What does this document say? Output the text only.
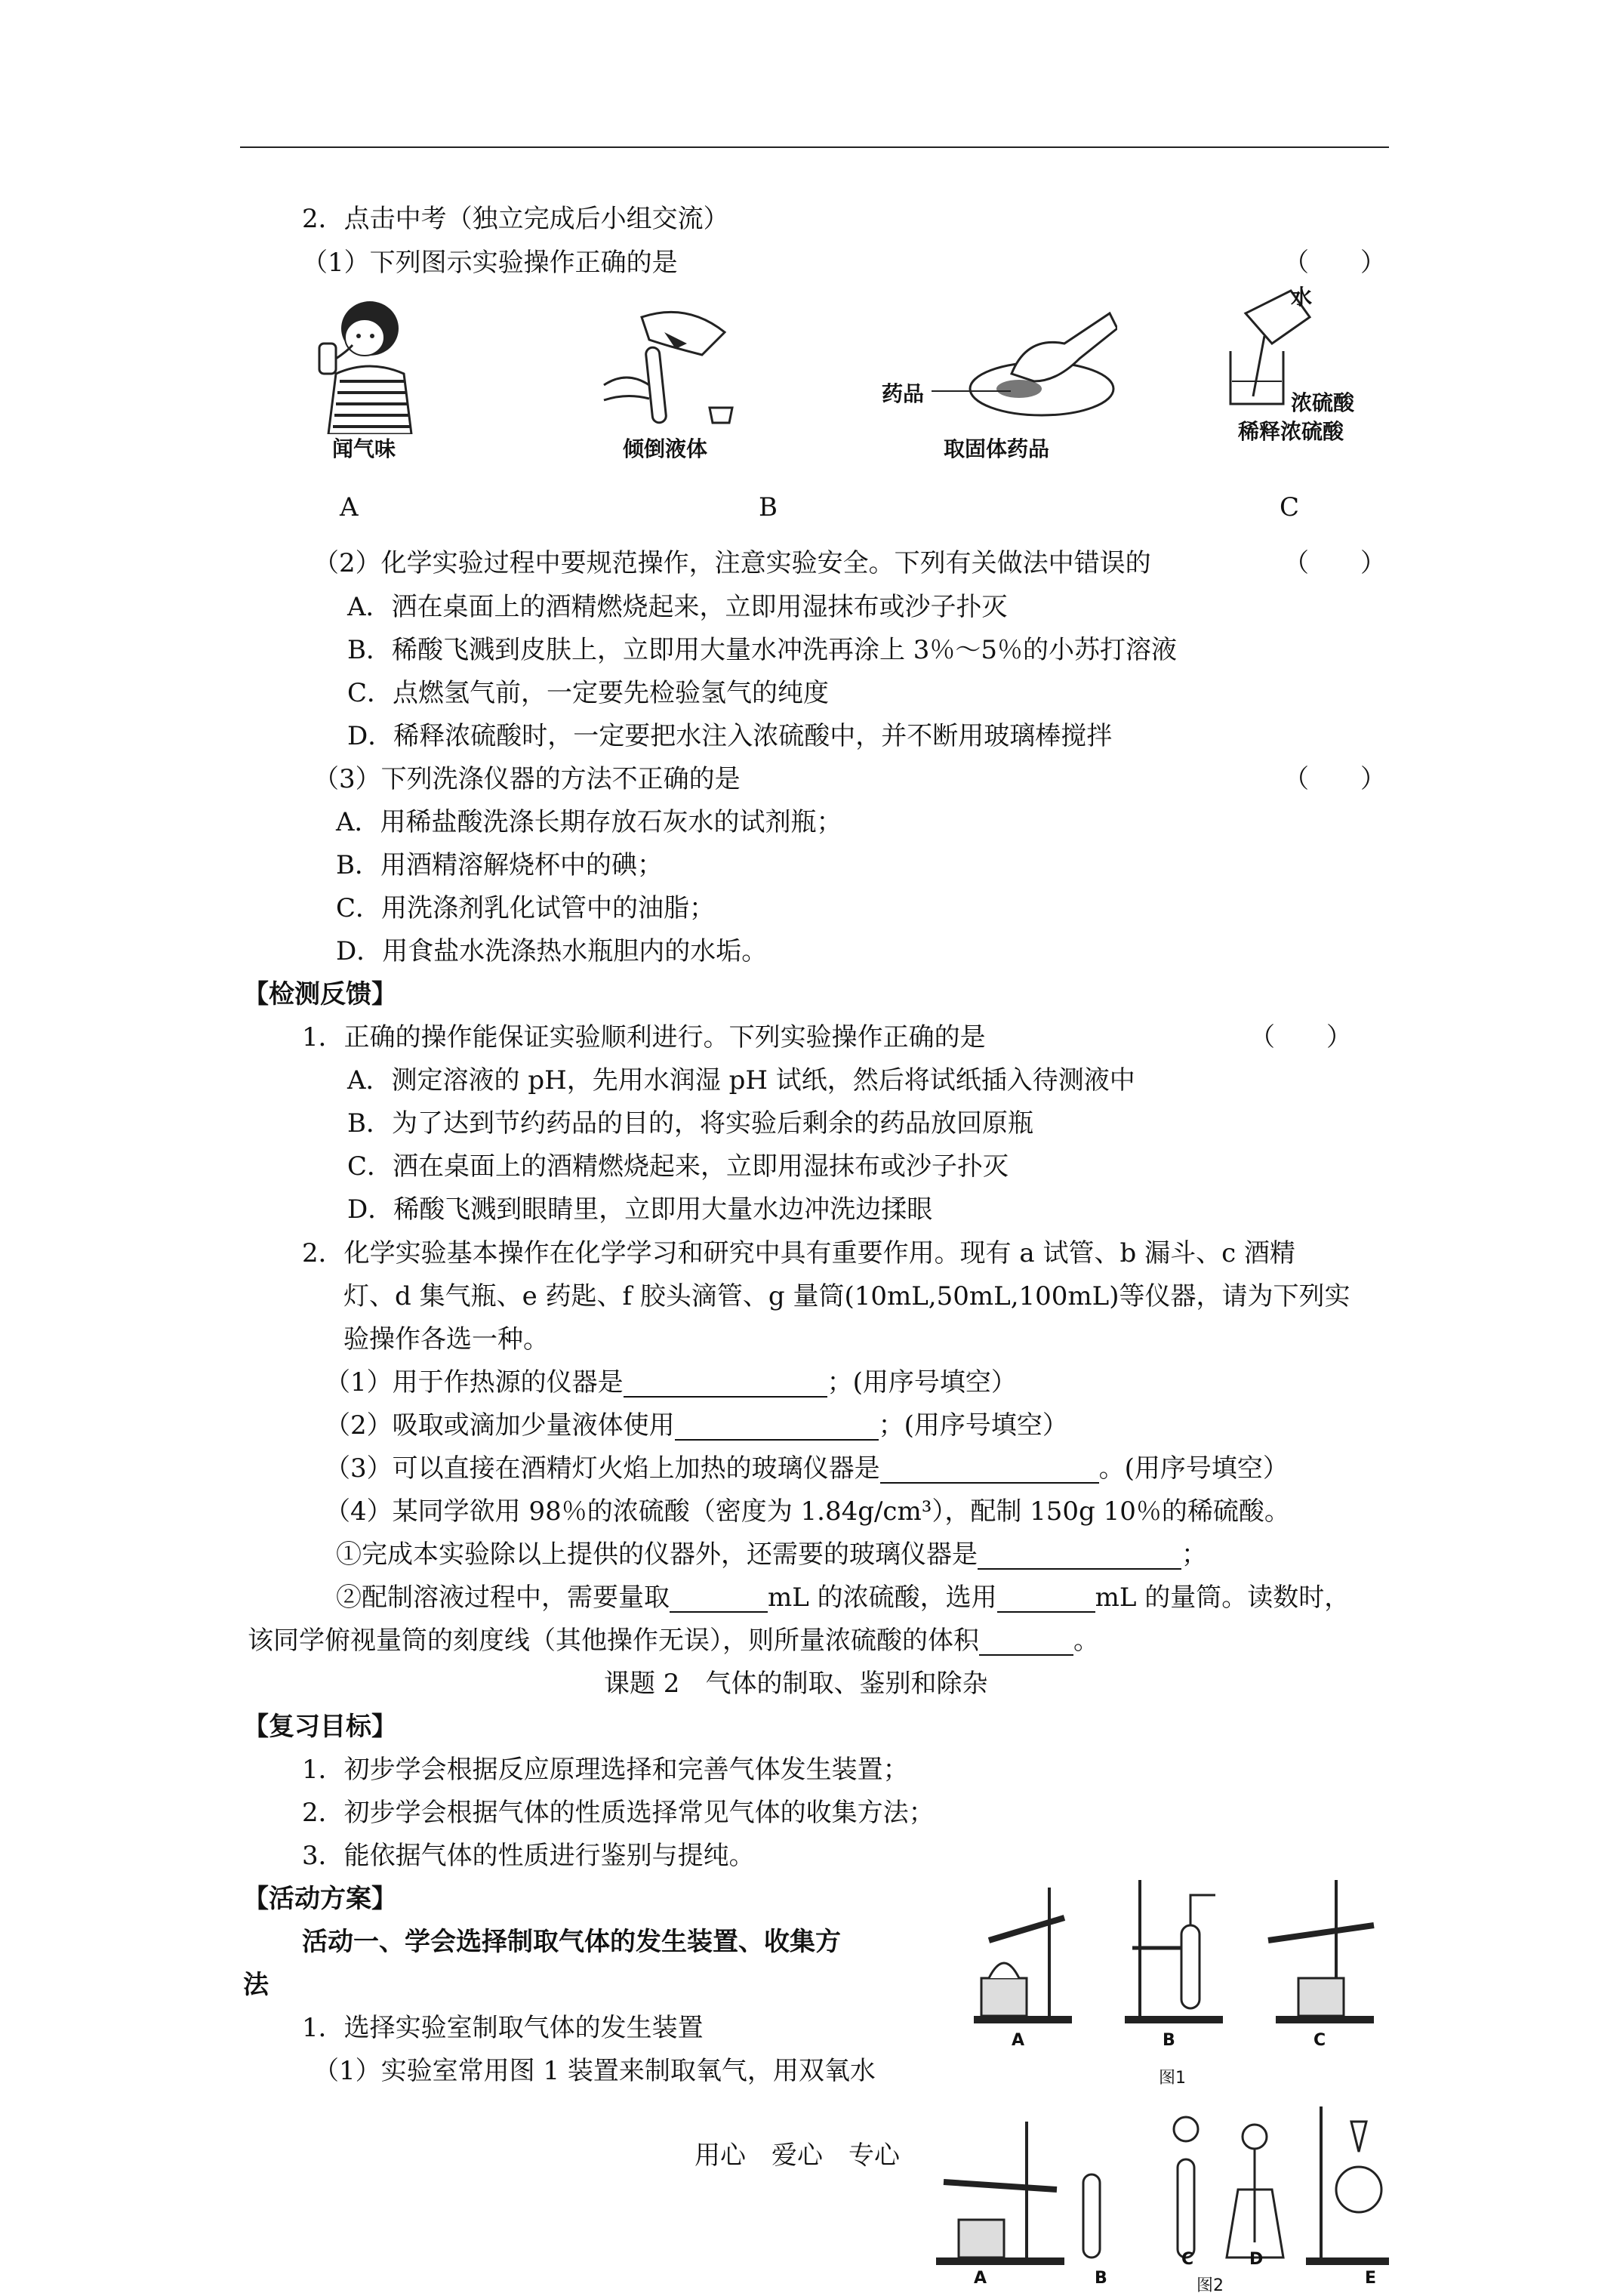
2．点击中考（独立完成后小组交流）
（1）下列图示实验操作正确的是	（　　）
闻气味	倾倒液体
药品
取固体药品
水
浓硫酸
稀释浓硫酸
A	B	C
（2）化学实验过程中要规范操作，注意实验安全。下列有关做法中错误的	（　　）
A．洒在桌面上的酒精燃烧起来，立即用湿抹布或沙子扑灭
B．稀酸飞溅到皮肤上，立即用大量水冲洗再涂上 3％～5％的小苏打溶液
C．点燃氢气前，一定要先检验氢气的纯度
D．稀释浓硫酸时，一定要把水注入浓硫酸中，并不断用玻璃棒搅拌
（3）下列洗涤仪器的方法不正确的是	（　　）
A．用稀盐酸洗涤长期存放石灰水的试剂瓶；
B．用酒精溶解烧杯中的碘；
C．用洗涤剂乳化试管中的油脂；
D．用食盐水洗涤热水瓶胆内的水垢。
【检测反馈】
1．正确的操作能保证实验顺利进行。下列实验操作正确的是	（　　）
A．测定溶液的 pH，先用水润湿 pH 试纸，然后将试纸插入待测液中
B．为了达到节约药品的目的，将实验后剩余的药品放回原瓶
C．洒在桌面上的酒精燃烧起来，立即用湿抹布或沙子扑灭
D．稀酸飞溅到眼睛里，立即用大量水边冲洗边揉眼
2．化学实验基本操作在化学学习和研究中具有重要作用。现有 a 试管、b 漏斗、c 酒精
灯、d 集气瓶、e 药匙、f 胶头滴管、g 量筒(10mL,50mL,100mL)等仪器，请为下列实
验操作各选一种。
（1）用于作热源的仪器是	；(用序号填空）
（2）吸取或滴加少量液体使用	；(用序号填空）
（3）可以直接在酒精灯火焰上加热的玻璃仪器是	。(用序号填空）
（4）某同学欲用 98％的浓硫酸（密度为 1.84g/cm³），配制 150g 10％的稀硫酸。
①完成本实验除以上提供的仪器外，还需要的玻璃仪器是	；
②配制溶液过程中，需要量取	mL 的浓硫酸，选用	mL 的量筒。读数时，
该同学俯视量筒的刻度线（其他操作无误），则所量浓硫酸的体积	。
课题 2　气体的制取、鉴别和除杂
【复习目标】
1．初步学会根据反应原理选择和完善气体发生装置；
2．初步学会根据气体的性质选择常见气体的收集方法；
3．能依据气体的性质进行鉴别与提纯。
【活动方案】
活动一、学会选择制取气体的发生装置、收集方
法
1．选择实验室制取气体的发生装置
（1）实验室常用图 1 装置来制取氧气，用双氧水
A	B	C
图1
用心　爱心　专心
A	B
C	D
E
图2
